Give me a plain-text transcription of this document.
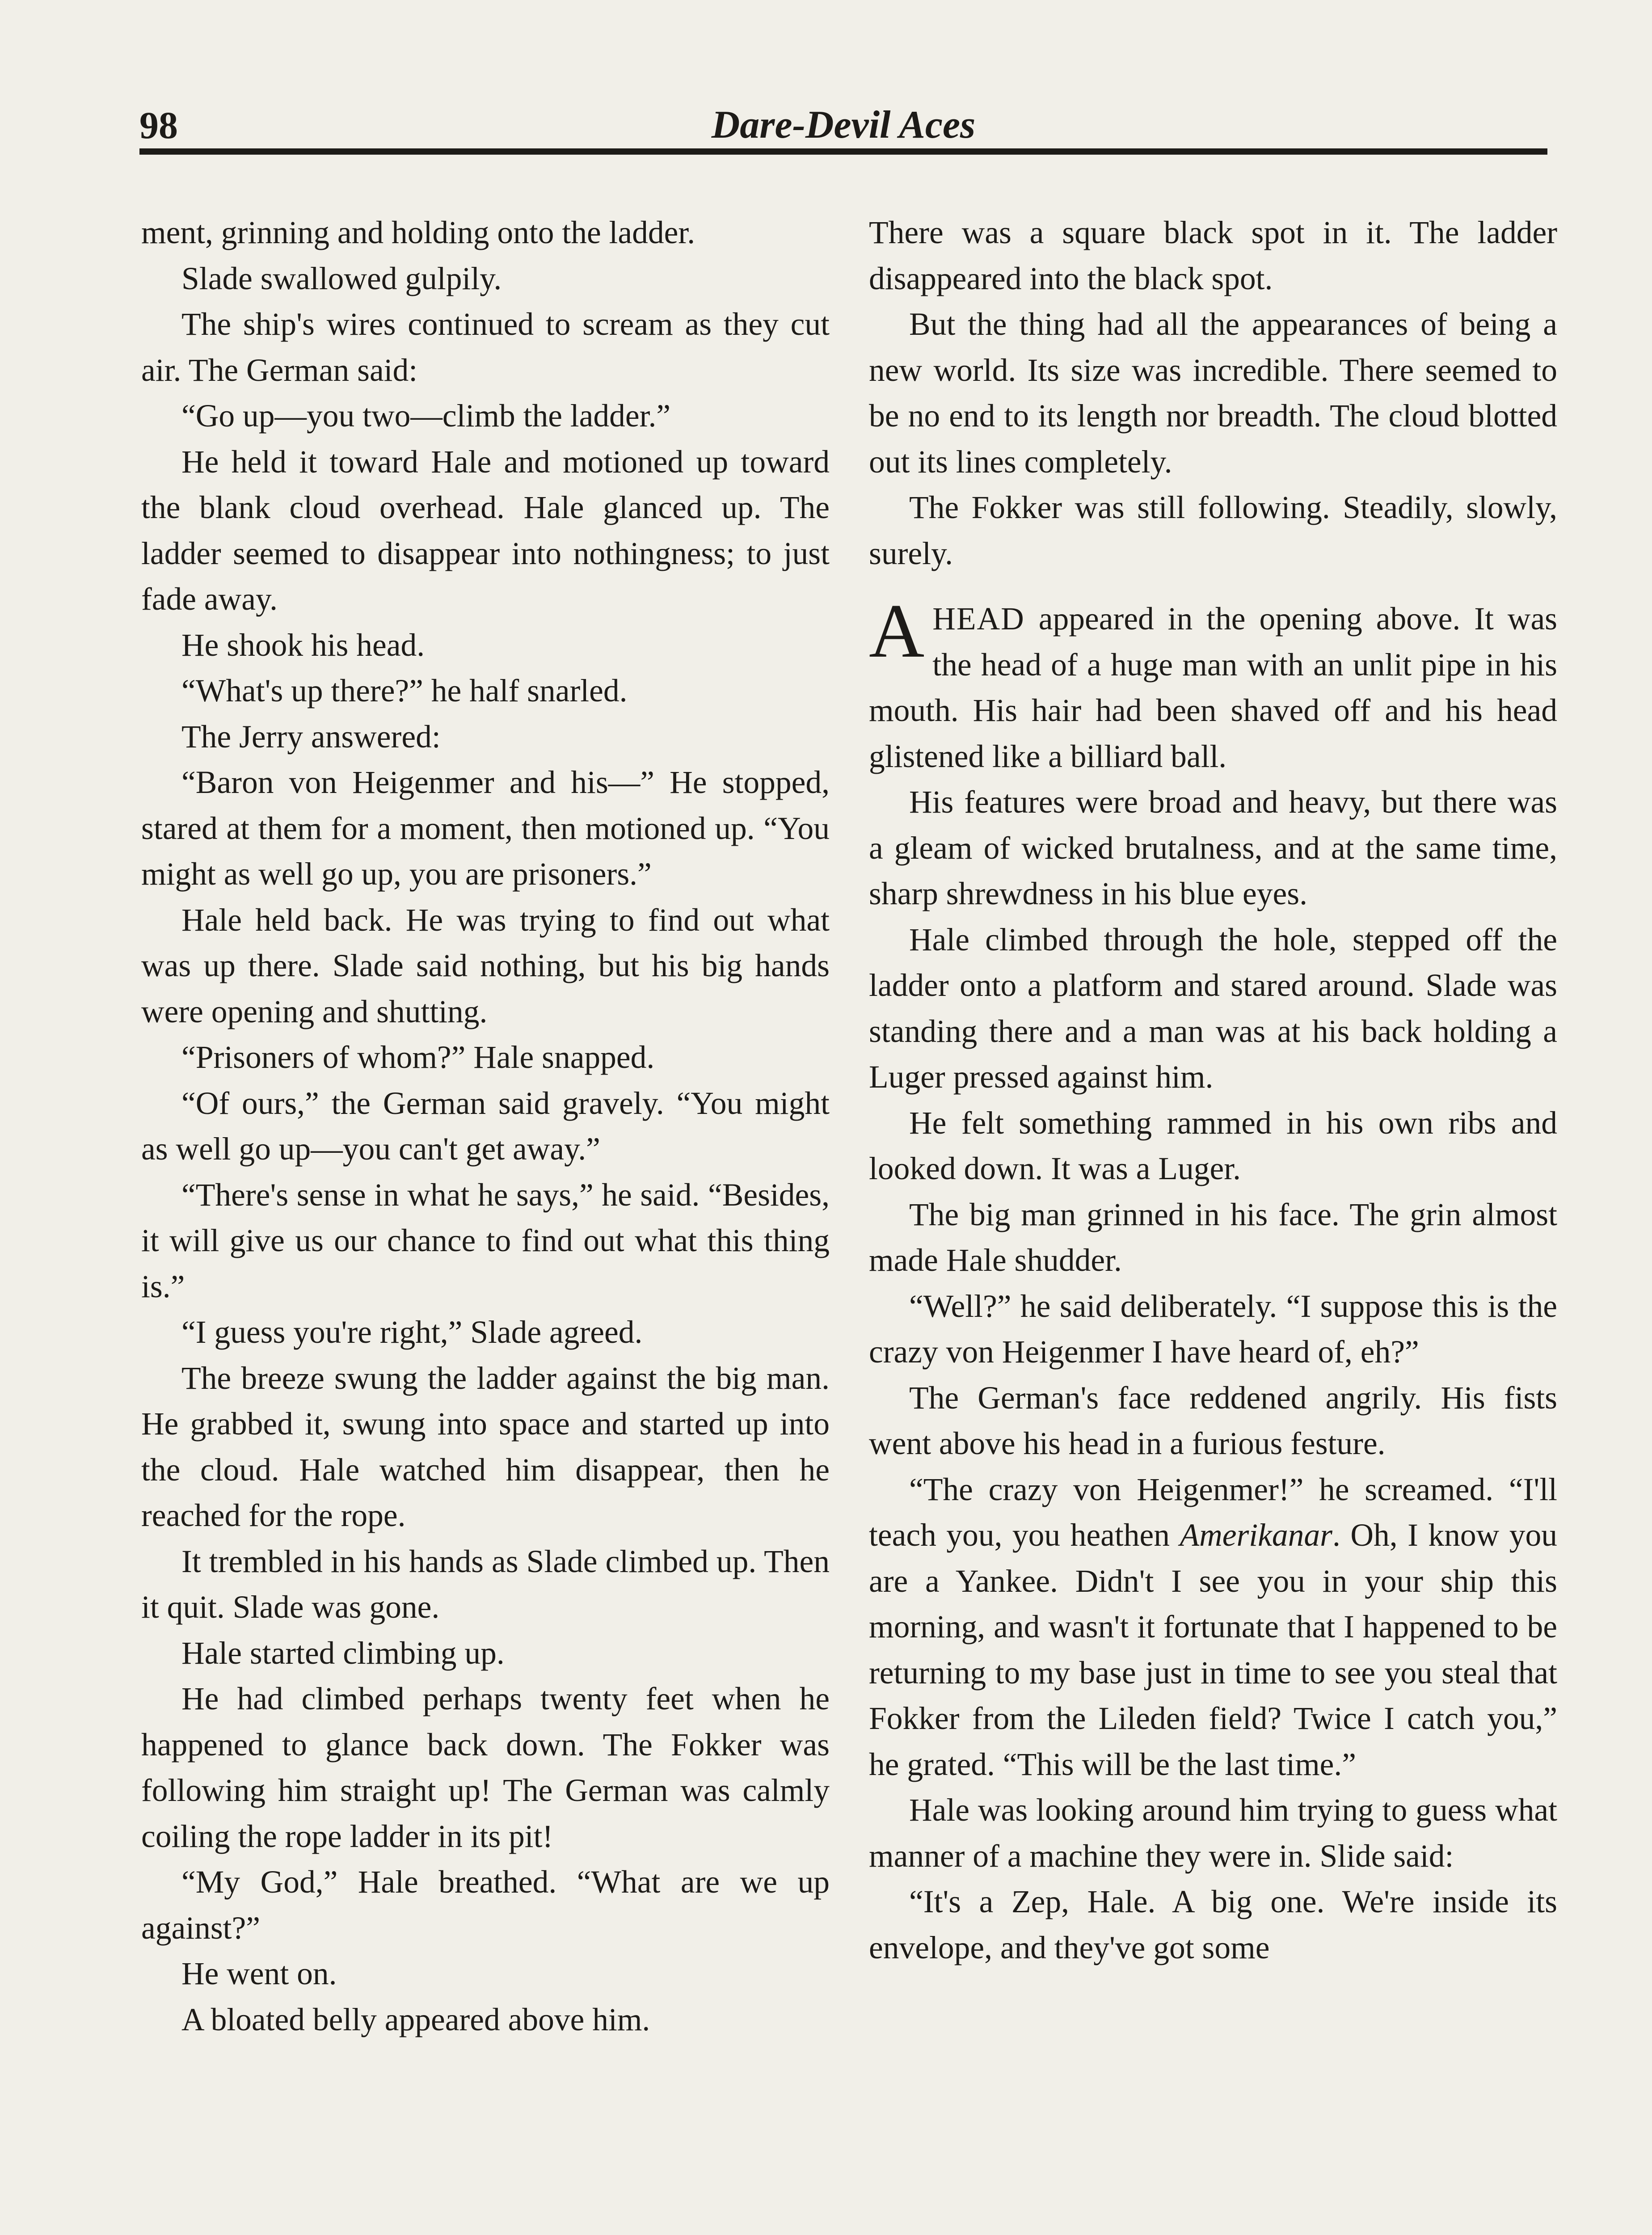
98	Dare-Devil Aces

ment, grinning and holding onto the ladder.

Slade swallowed gulpily.

The ship's wires continued to scream as they cut air. The German said:

“Go up—you two—climb the ladder.”

He held it toward Hale and motioned up toward the blank cloud overhead. Hale glanced up. The ladder seemed to disappear into nothingness; to just fade away.

He shook his head.

“What's up there?” he half snarled.

The Jerry answered:

“Baron von Heigenmer and his—” He stopped, stared at them for a moment, then motioned up. “You might as well go up, you are prisoners.”

Hale held back. He was trying to find out what was up there. Slade said nothing, but his big hands were opening and shutting.

“Prisoners of whom?” Hale snapped.

“Of ours,” the German said gravely. “You might as well go up—you can't get away.”

“There's sense in what he says,” he said. “Besides, it will give us our chance to find out what this thing is.”

“I guess you're right,” Slade agreed.

The breeze swung the ladder against the big man. He grabbed it, swung into space and started up into the cloud. Hale watched him disappear, then he reached for the rope.

It trembled in his hands as Slade climbed up. Then it quit. Slade was gone.

Hale started climbing up.

He had climbed perhaps twenty feet when he happened to glance back down. The Fokker was following him straight up! The German was calmly coiling the rope ladder in its pit!

“My God,” Hale breathed. “What are we up against?”

He went on.

A bloated belly appeared above him.

There was a square black spot in it. The ladder disappeared into the black spot.

But the thing had all the appearances of being a new world. Its size was incredible. There seemed to be no end to its length nor breadth. The cloud blotted out its lines completely.

The Fokker was still following. Steadily, slowly, surely.

AHEAD appeared in the opening above. It was the head of a huge man with an unlit pipe in his mouth. His hair had been shaved off and his head glistened like a billiard ball.

His features were broad and heavy, but there was a gleam of wicked brutalness, and at the same time, sharp shrewdness in his blue eyes.

Hale climbed through the hole, stepped off the ladder onto a platform and stared around. Slade was standing there and a man was at his back holding a Luger pressed against him.

He felt something rammed in his own ribs and looked down. It was a Luger.

The big man grinned in his face. The grin almost made Hale shudder.

“Well?” he said deliberately. “I suppose this is the crazy von Heigenmer I have heard of, eh?”

The German's face reddened angrily. His fists went above his head in a furious festure.

“The crazy von Heigenmer!” he screamed. “I'll teach you, you heathen Amerikanar. Oh, I know you are a Yankee. Didn't I see you in your ship this morning, and wasn't it fortunate that I happened to be returning to my base just in time to see you steal that Fokker from the Lileden field? Twice I catch you,” he grated. “This will be the last time.”

Hale was looking around him trying to guess what manner of a machine they were in. Slide said:

“It's a Zep, Hale. A big one. We're inside its envelope, and they've got some
